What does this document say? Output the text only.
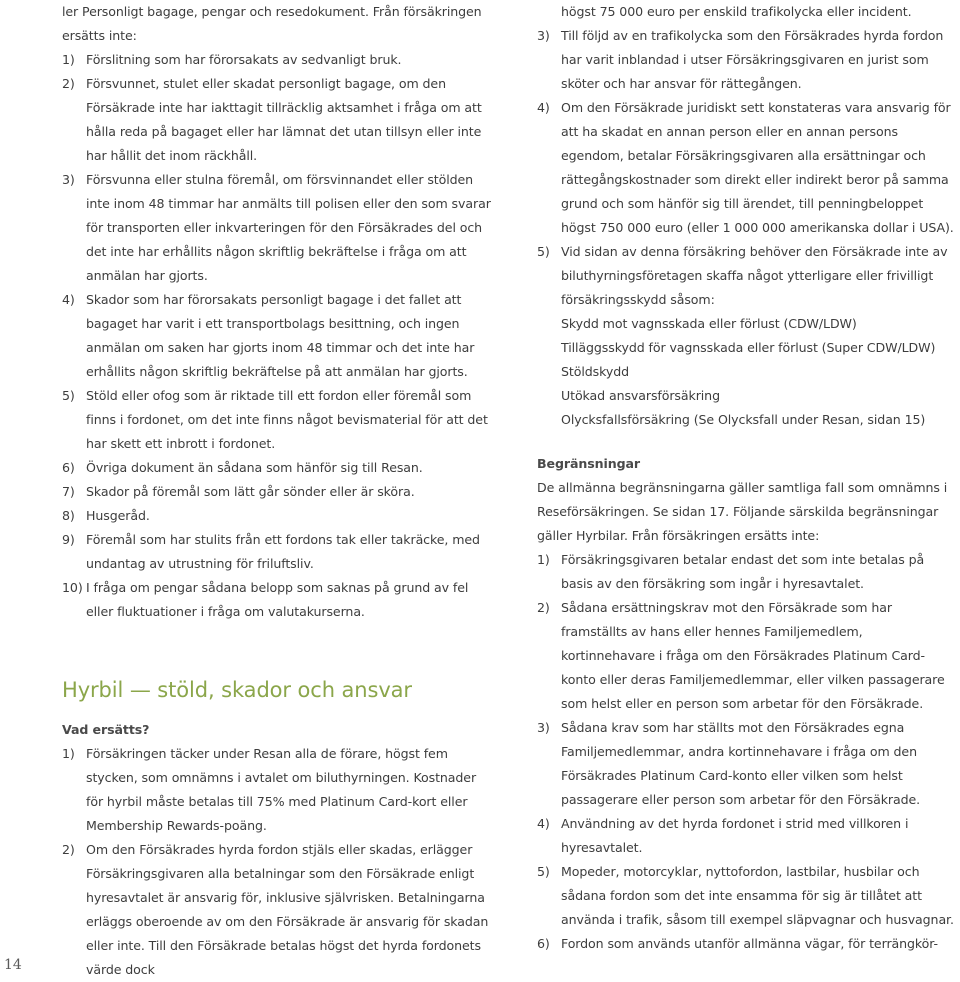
ler Personligt bagage, pengar och resedokument. Från försäkringen

ersätts inte:

1) Förslitning som har förorsakats av sedvanligt bruk.
2) Försvunnet, stulet eller skadat personligt bagage, om den Försäkrade inte har iakttagit tillräcklig aktsamhet i fråga om att hålla reda på bagaget eller har lämnat det utan tillsyn eller inte har hållit det inom räckhåll.
3) Försvunna eller stulna föremål, om försvinnandet eller stölden inte inom 48 timmar har anmälts till polisen eller den som svarar för transporten eller inkvarteringen för den Försäkrades del och det inte har erhållits någon skriftlig bekräftelse i fråga om att anmälan har gjorts.
4) Skador som har förorsakats personligt bagage i det fallet att bagaget har varit i ett transportbolags besittning, och ingen anmälan om saken har gjorts inom 48 timmar och det inte har erhållits någon skriftlig bekräftelse på att anmälan har gjorts.
5) Stöld eller ofog som är riktade till ett fordon eller föremål som finns i fordonet, om det inte finns något bevismaterial för att det har skett ett inbrott i fordonet.
6) Övriga dokument än sådana som hänför sig till Resan.
7) Skador på föremål som lätt går sönder eller är sköra.
8) Husgeråd.
9) Föremål som har stulits från ett fordons tak eller takräcke, med undantag av utrustning för friluftsliv.
10) I fråga om pengar sådana belopp som saknas på grund av fel eller fluktuationer i fråga om valutakurserna.
Hyrbil — stöld, skador och ansvar

Vad ersätts?

1) Försäkringen täcker under Resan alla de förare, högst fem stycken, som omnämns i avtalet om biluthyrningen. Kostnader för hyrbil måste betalas till 75% med Platinum Card-kort eller Membership Rewards-poäng.
2) Om den Försäkrades hyrda fordon stjäls eller skadas, erlägger Försäkringsgivaren alla betalningar som den Försäkrade enligt hyresavtalet är ansvarig för, inklusive självrisken. Betalningarna erläggs oberoende av om den Försäkrade är ansvarig för skadan eller inte. Till den Försäkrade betalas högst det hyrda fordonets värde dock

högst 75 000 euro per enskild trafikolycka eller incident.

3) Till följd av en trafikolycka som den Försäkrades hyrda fordon har varit inblandad i utser Försäkringsgivaren en jurist som sköter och har ansvar för rättegången.
4) Om den Försäkrade juridiskt sett konstateras vara ansvarig för att ha skadat en annan person eller en annan persons egendom, betalar Försäkringsgivaren alla ersättningar och rättegångskostnader som direkt eller indirekt beror på samma grund och som hänför sig till ärendet, till penningbeloppet högst 750 000 euro (eller 1 000 000 amerikanska dollar i USA).
5) Vid sidan av denna försäkring behöver den Försäkrade inte av biluthyrningsföretagen skaffa något ytterligare eller frivilligt försäkringsskydd såsom:

Skydd mot vagnsskada eller förlust (CDW/LDW)

Tilläggsskydd för vagnsskada eller förlust (Super CDW/LDW)

Stöldskydd

Utökad ansvarsförsäkring

Olycksfallsförsäkring (Se Olycksfall under Resan, sidan 15)

Begränsningar

De allmänna begränsningarna gäller samtliga fall som omnämns i Reseförsäkringen. Se sidan 17. Följande särskilda begränsningar gäller Hyrbilar. Från försäkringen ersätts inte:

1) Försäkringsgivaren betalar endast det som inte betalas på basis av den försäkring som ingår i hyresavtalet.
2) Sådana ersättningskrav mot den Försäkrade som har framställts av hans eller hennes Familjemedlem, kortinnehavare i fråga om den Försäkrades Platinum Card-konto eller deras Familjemedlemmar, eller vilken passagerare som helst eller en person som arbetar för den Försäkrade.
3) Sådana krav som har ställts mot den Försäkrades egna Familjemedlemmar, andra kortinnehavare i fråga om den Försäkrades Platinum Card-konto eller vilken som helst passagerare eller person som arbetar för den Försäkrade.
4) Användning av det hyrda fordonet i strid med villkoren i hyresavtalet.
5) Mopeder, motorcyklar, nyttofordon, lastbilar, husbilar och sådana fordon som det inte ensamma för sig är tillåtet att använda i trafik, såsom till exempel släpvagnar och husvagnar.
6) Fordon som används utanför allmänna vägar, för terrängkör-
14
